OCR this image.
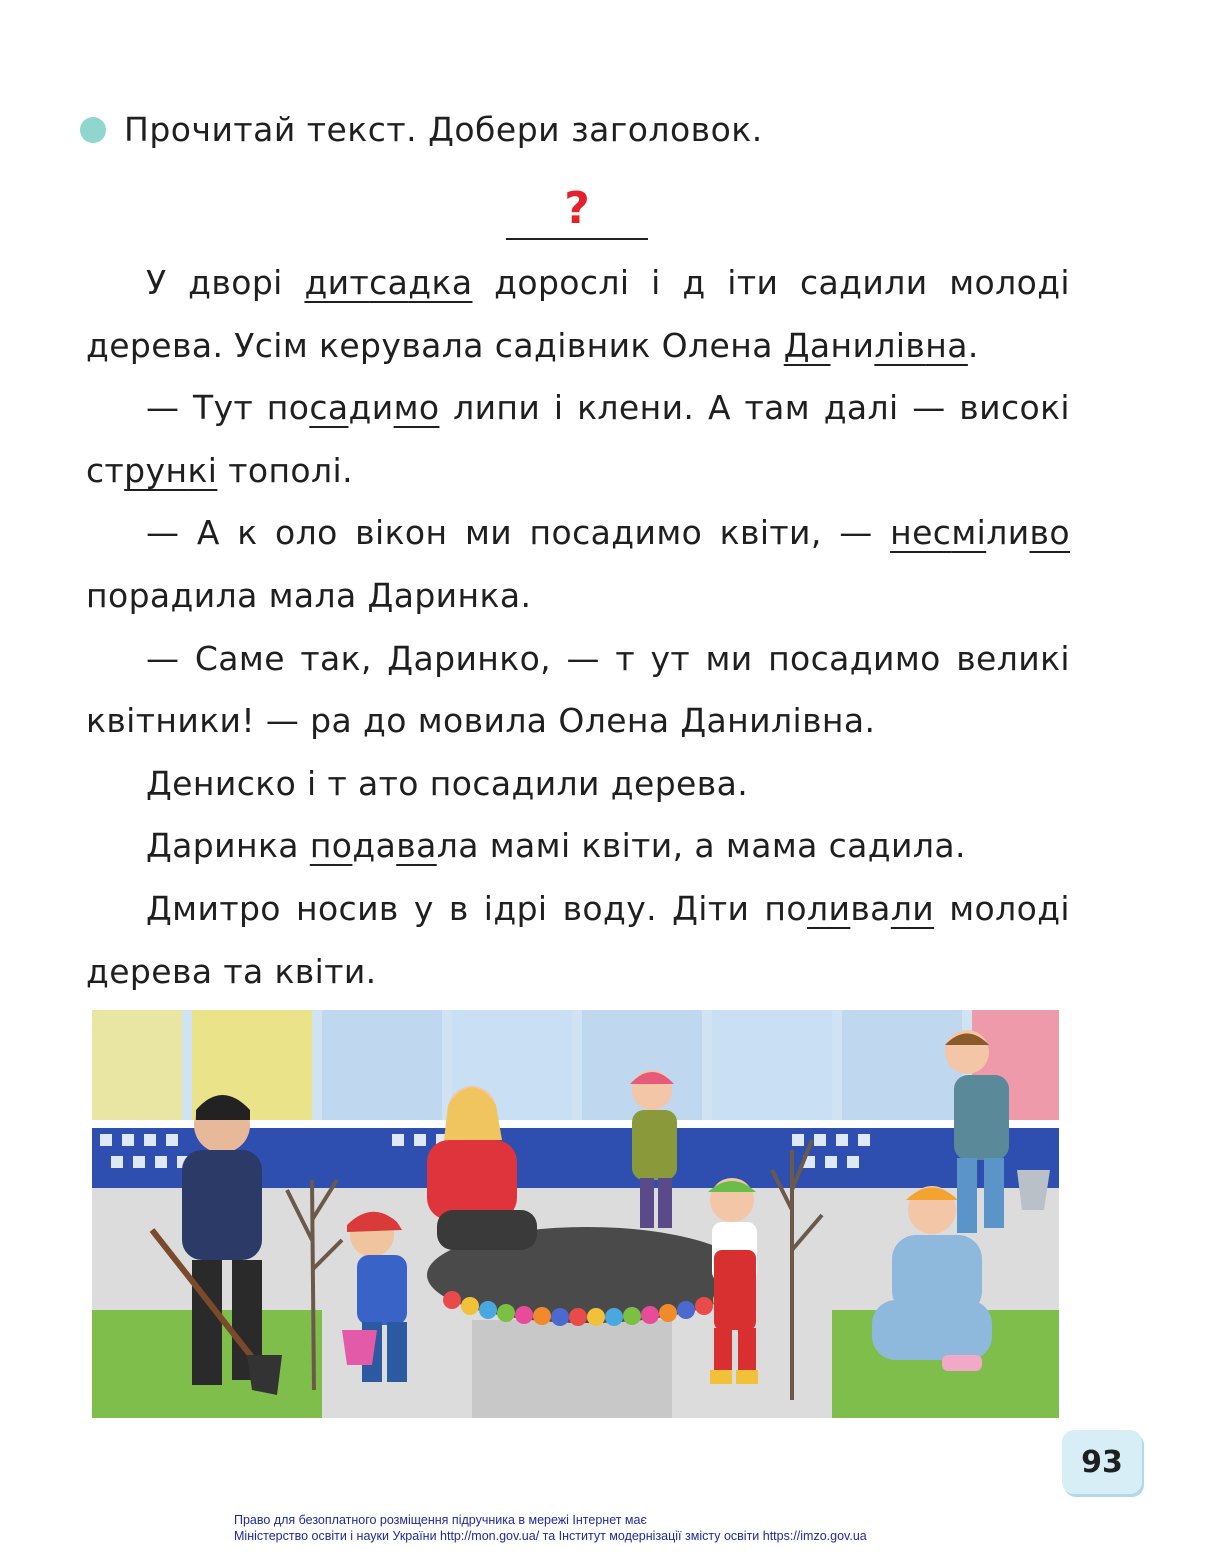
Прочитай текст. Добери заголовок.
?

У дворі дитсадка дорослі і д іти садили молоді дерева. Усім керувала садівник Олена Данилівна.

— Тут посадимо липи і клени. А там далі — високі стрункі тополі.

— А к оло вікон ми посадимо квіти, — несміливо порадила мала Даринка.

— Саме так, Даринко, — т ут ми посадимо великі квітники! — ра до мовила Олена Данилівна.

Дениско і т ато посадили дерева.

Даринка подавала мамі квіти, а мама садила.

Дмитро носив у в ідрі воду. Діти поливали молоді дерева та квіти.

93
Право для безоплатного розміщення підручника в мережі Інтернет має
Міністерство освіти і науки України http://mon.gov.ua/ та Інститут модернізації змісту освіти https://imzo.gov.ua
